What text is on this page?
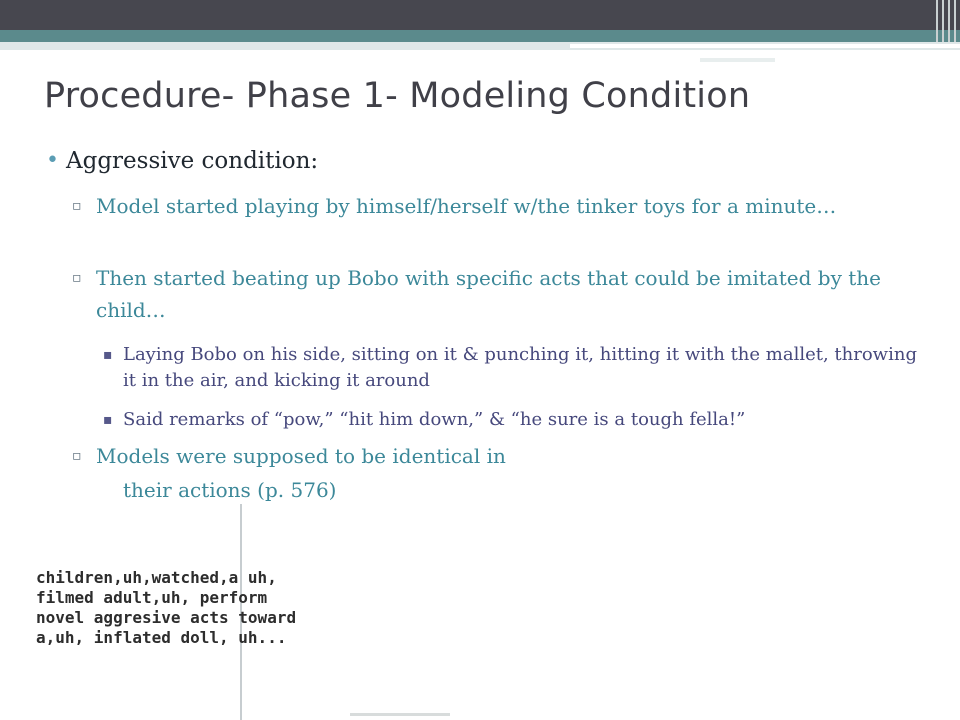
Procedure- Phase 1- Modeling Condition
• Aggressive condition:
▫ Model started playing by himself/herself w/the tinker toys for a minute…
▫ Then started beating up Bobo with specific acts that could be imitated by the child…
▪ Laying Bobo on his side, sitting on it & punching it, hitting it with the mallet, throwing it in the air, and kicking it around
▪ Said remarks of “pow,” “hit him down,” & “he sure is a tough fella!”
▫ Models were supposed to be identical in
their actions (p. 576)
children,uh,watched,a uh,
filmed adult,uh, perform
novel aggresive acts toward
a,uh, inflated doll, uh...
